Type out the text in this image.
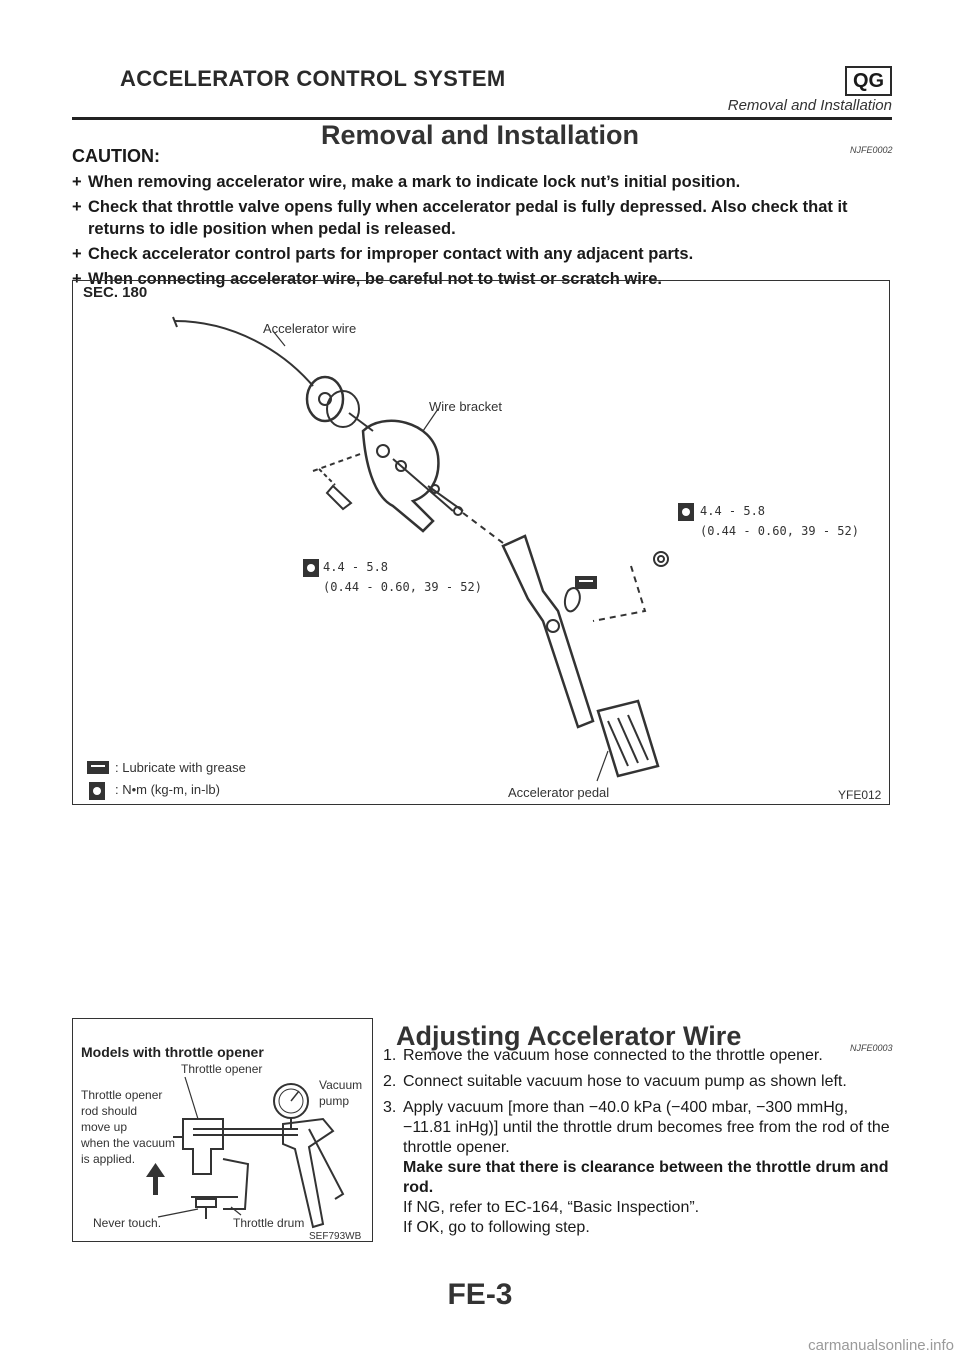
ACCELERATOR CONTROL SYSTEM	QG
Removal and Installation
Removal and Installation	NJFE0002
CAUTION:
+ When removing accelerator wire, make a mark to indicate lock nut’s initial position.
+ Check that throttle valve opens fully when accelerator pedal is fully depressed. Also check that it returns to idle position when pedal is released.
+ Check accelerator control parts for improper contact with any adjacent parts.
+ When connecting accelerator wire, be careful not to twist or scratch wire.
SEC. 180
Accelerator wire
Wire bracket
4.4 - 5.8
(0.44 - 0.60, 39 - 52)
4.4 - 5.8
(0.44 - 0.60, 39 - 52)
: Lubricate with grease
: N•m (kg-m, in-lb)	Accelerator pedal	YFE012
Models with throttle opener
Throttle opener
Vacuum
pump
Throttle opener
rod should
move up
when the vacuum
is applied.
Never touch.	Throttle drum
SEF793WB
Adjusting Accelerator Wire	NJFE0003
1. Remove the vacuum hose connected to the throttle opener.
2. Connect suitable vacuum hose to vacuum pump as shown left.
3. Apply vacuum [more than −40.0 kPa (−400 mbar, −300 mmHg, −11.81 inHg)] until the throttle drum becomes free from the rod of the throttle opener.

Make sure that there is clearance between the throttle drum and rod.

If NG, refer to EC-164, “Basic Inspection”.

If OK, go to following step.

FE-3
carmanualsonline.info
